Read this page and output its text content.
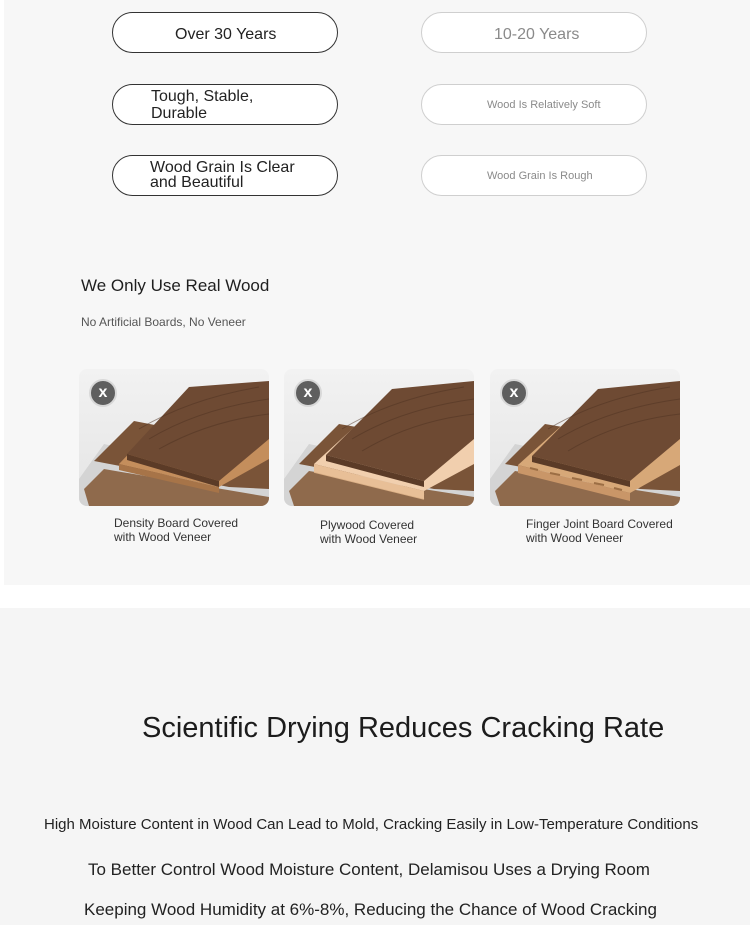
Over 30 Years
Tough, Stable,
Durable
Wood Grain Is Clear
and Beautiful
10-20 Years
Wood Is Relatively Soft
Wood Grain Is Rough
We Only Use Real Wood
No Artificial Boards, No Veneer
x	x	x
Density Board Covered
with Wood Veneer
Plywood Covered
with Wood Veneer
Finger Joint Board Covered
with Wood Veneer
Scientific Drying Reduces Cracking Rate
High Moisture Content in Wood Can Lead to Mold, Cracking Easily in Low-Temperature Conditions
To Better Control Wood Moisture Content, Delamisou Uses a Drying Room
Keeping Wood Humidity at 6%-8%, Reducing the Chance of Wood Cracking
